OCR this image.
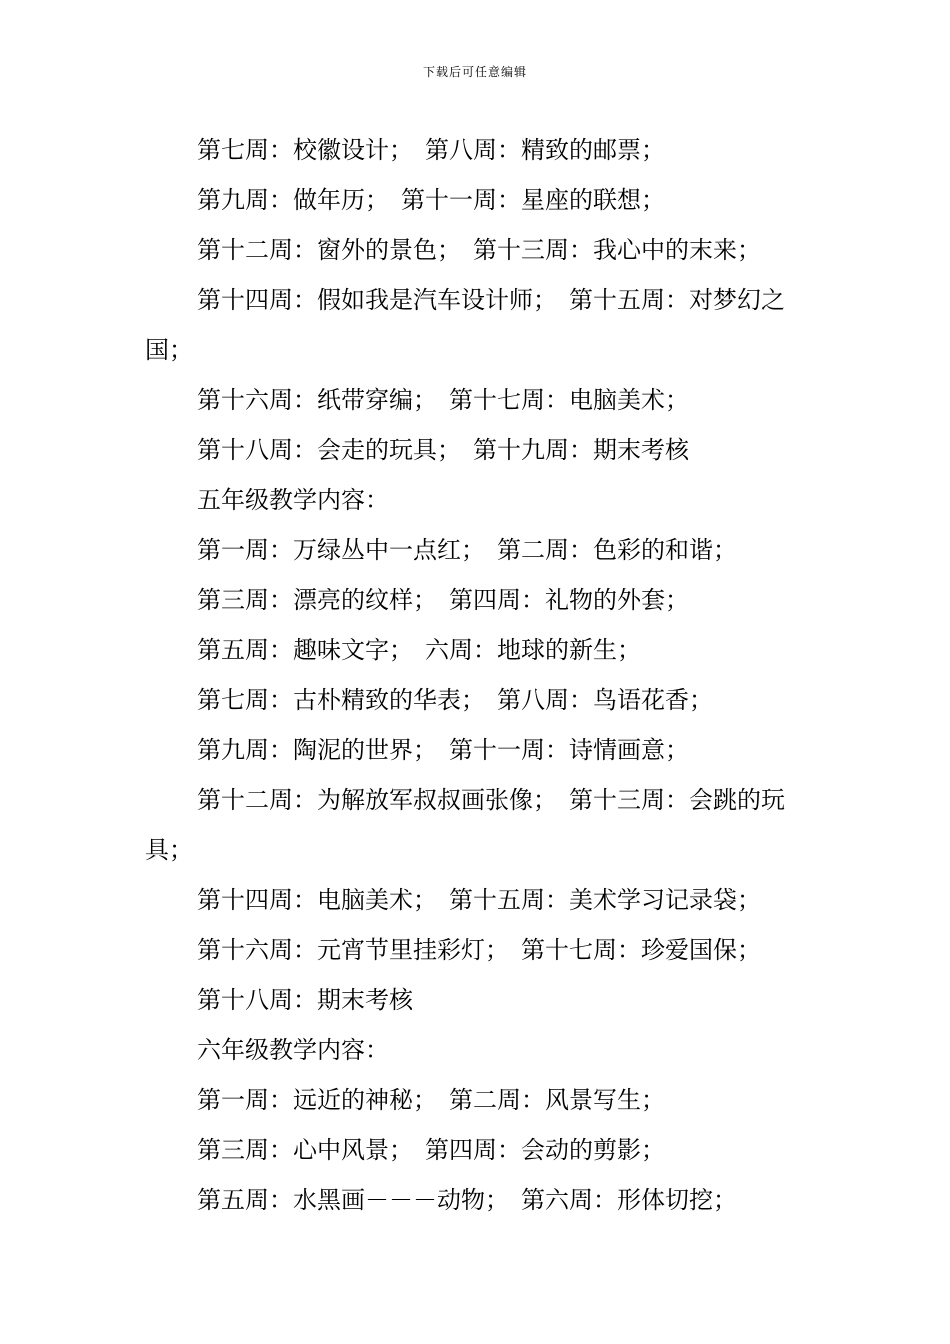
下载后可任意编辑

第七周：校徽设计；　第八周：精致的邮票；

第九周：做年历；　第十一周：星座的联想；

第十二周：窗外的景色；　第十三周：我心中的末来；

第十四周：假如我是汽车设计师；　第十五周：对梦幻之国；

第十六周：纸带穿编；　第十七周：电脑美术；

第十八周：会走的玩具；　第十九周：期末考核

五年级教学内容：

第一周：万绿丛中一点红；　第二周：色彩的和谐；

第三周：漂亮的纹样；　第四周：礼物的外套；

第五周：趣味文字；　六周：地球的新生；

第七周：古朴精致的华表；　第八周：鸟语花香；

第九周：陶泥的世界；　第十一周：诗情画意；

第十二周：为解放军叔叔画张像；　第十三周：会跳的玩具；

第十四周：电脑美术；　第十五周：美术学习记录袋；

第十六周：元宵节里挂彩灯；　第十七周：珍爱国保；

第十八周：期末考核

六年级教学内容：

第一周：远近的神秘；　第二周：风景写生；

第三周：心中风景；　第四周：会动的剪影；

第五周：水黑画－－－动物；　第六周：形体切挖；
